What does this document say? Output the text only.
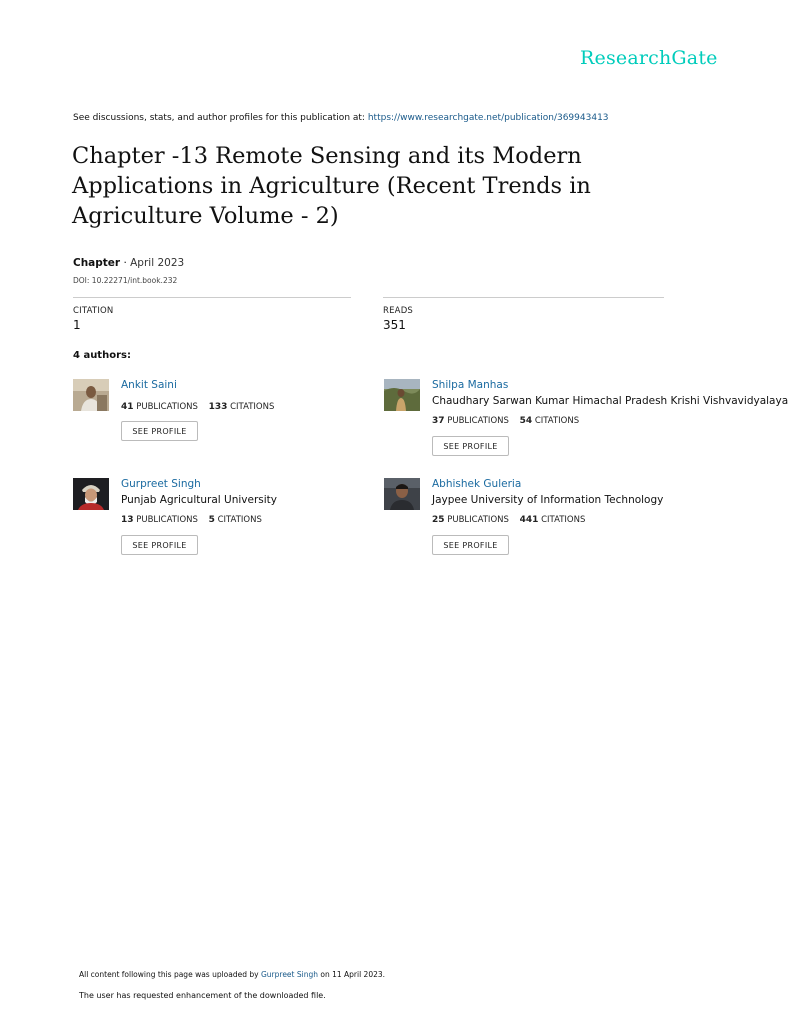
ResearchGate
See discussions, stats, and author profiles for this publication at: https://www.researchgate.net/publication/369943413
Chapter -13 Remote Sensing and its Modern Applications in Agriculture (Recent Trends in Agriculture Volume - 2)
Chapter · April 2023
DOI: 10.22271/int.book.232
CITATION
1
READS
351
4 authors:
Ankit Saini
41 PUBLICATIONS 133 CITATIONS
SEE PROFILE
Shilpa Manhas
Chaudhary Sarwan Kumar Himachal Pradesh Krishi Vishvavidyalaya
37 PUBLICATIONS 54 CITATIONS
SEE PROFILE
Gurpreet Singh
Punjab Agricultural University
13 PUBLICATIONS 5 CITATIONS
SEE PROFILE
Abhishek Guleria
Jaypee University of Information Technology
25 PUBLICATIONS 441 CITATIONS
SEE PROFILE
All content following this page was uploaded by Gurpreet Singh on 11 April 2023.
The user has requested enhancement of the downloaded file.
